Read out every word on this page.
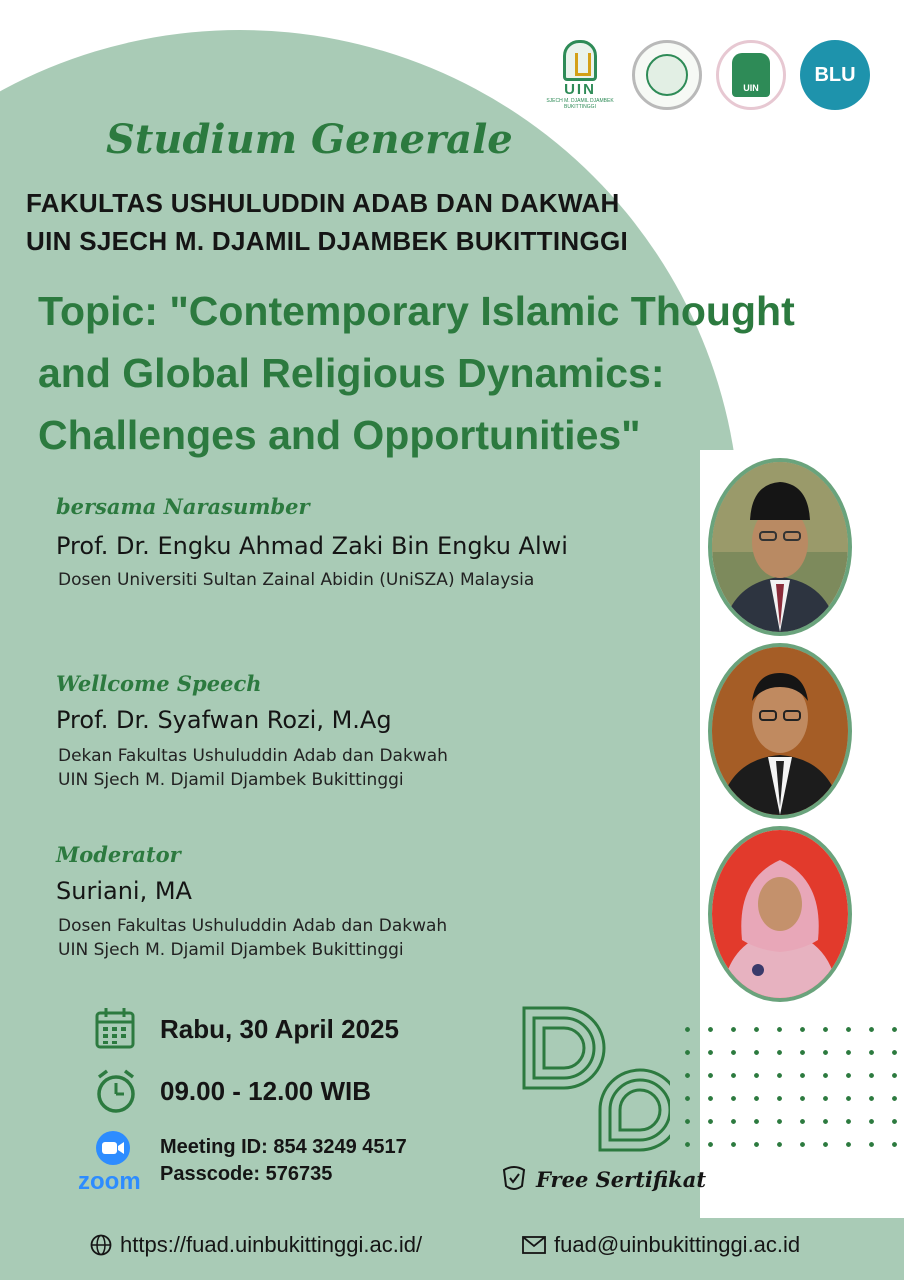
UIN
SJECH M. DJAMIL DJAMBEK BUKITTINGGI
UIN
BLU
Studium Generale
FAKULTAS USHULUDDIN ADAB DAN DAKWAH
UIN SJECH M. DJAMIL DJAMBEK BUKITTINGGI
Topic: "Contemporary Islamic Thought and Global Religious Dynamics: Challenges and Opportunities"
bersama Narasumber
Prof. Dr. Engku Ahmad Zaki Bin Engku Alwi
Dosen Universiti Sultan Zainal Abidin (UniSZA) Malaysia
Wellcome Speech
Prof. Dr. Syafwan Rozi, M.Ag
Dekan Fakultas Ushuluddin Adab dan Dakwah
UIN Sjech M. Djamil Djambek Bukittinggi
Moderator
Suriani, MA
Dosen Fakultas Ushuluddin Adab dan Dakwah
UIN Sjech M. Djamil Djambek Bukittinggi
Rabu, 30 April 2025
09.00 - 12.00 WIB
zoom
Meeting ID: 854 3249 4517
Passcode: 576735	Free Sertifikat
https://fuad.uinbukittinggi.ac.id/	fuad@uinbukittinggi.ac.id
